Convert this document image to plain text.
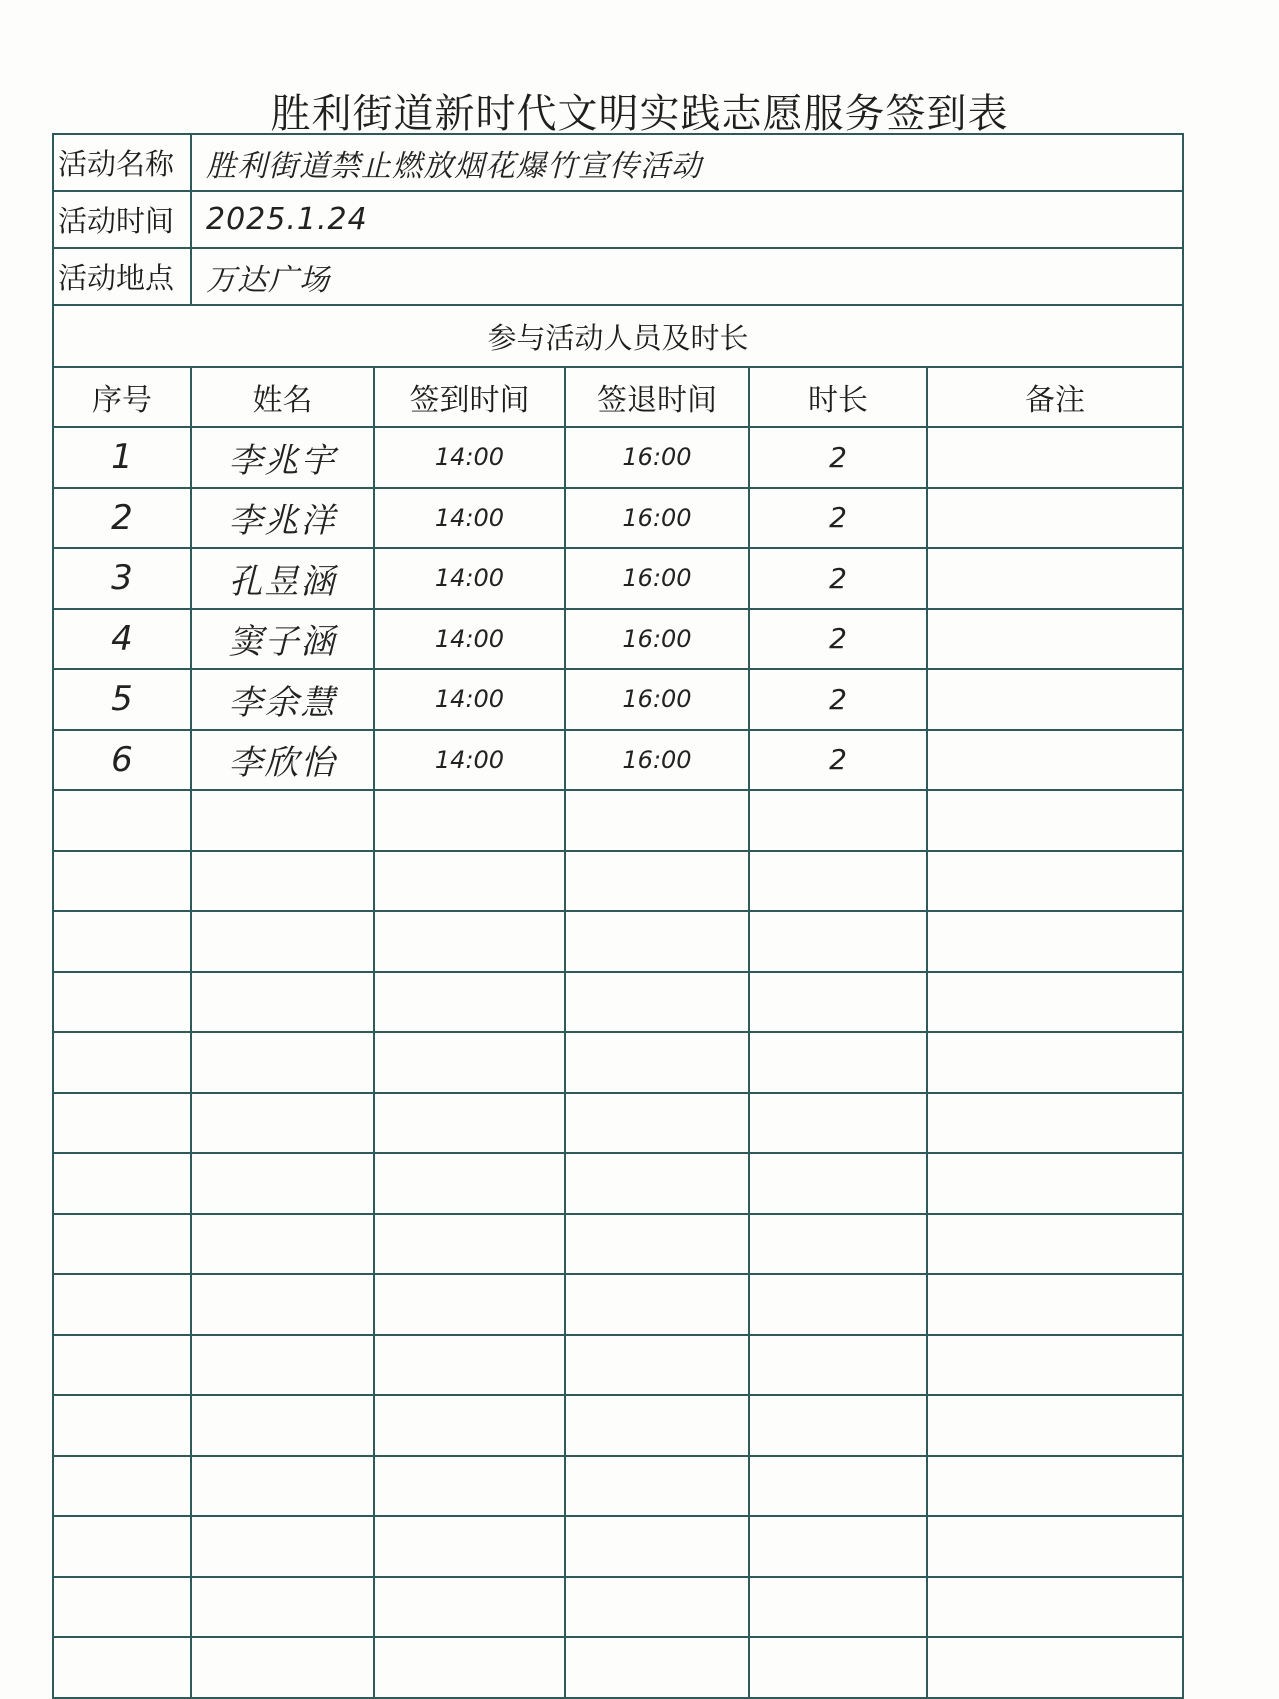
胜利街道新时代文明实践志愿服务签到表
活动名称	胜利街道禁止燃放烟花爆竹宣传活动				
活动时间	2025.1.24				
活动地点	万达广场				
参与活动人员及时长					
序号	姓名	签到时间	签退时间	时长	备注
1	李兆宇	14:00	16:00	2	
2	李兆洋	14:00	16:00	2	
3	孔昱涵	14:00	16:00	2	
4	窦子涵	14:00	16:00	2	
5	李余慧	14:00	16:00	2	
6	李欣怡	14:00	16:00	2	
